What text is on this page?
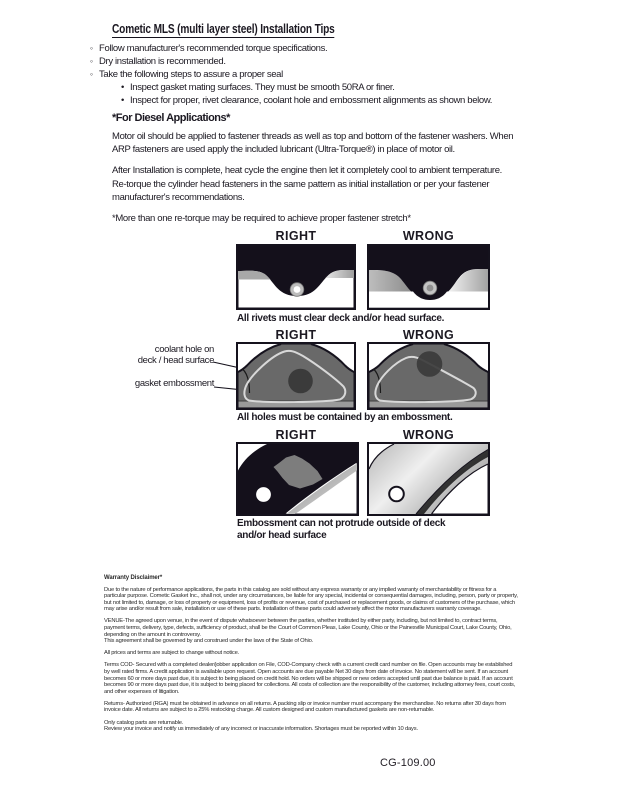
Cometic MLS (multi layer steel) Installation Tips
◦ Follow manufacturer's recommended torque specifications.
◦ Dry installation is recommended.
◦ Take the following steps to assure a proper seal
• Inspect gasket mating surfaces. They must be smooth 50RA or finer.
• Inspect for proper, rivet clearance, coolant hole and embossment alignments as shown below.
*For Diesel Applications*

Motor oil should be applied to fastener threads as well as top and bottom of the fastener washers. When ARP fasteners are used apply the included lubricant (Ultra-Torque®) in place of motor oil.

After Installation is complete, heat cycle the engine then let it completely cool to ambient temperature. Re-torque the cylinder head fasteners in the same pattern as initial installation or per your fastener manufacturer's recommendations.

*More than one re-torque may be required to achieve proper fastener stretch*

RIGHT	WRONG
All rivets must clear deck and/or head surface.
RIGHT	WRONG
coolant hole on
deck / head surface
gasket embossment
All holes must be contained by an embossment.
RIGHT	WRONG
Embossment can not protrude outside of deck
and/or head surface
Warranty Disclaimer*

Due to the nature of performance applications, the parts in this catalog are sold without any express warranty or any implied warranty of merchantability or fitness for a particular purpose. Cometic Gasket Inc., shall not, under any circumstances, be liable for any special, incidental or consequential damages, including, person, party or property, but not limited to, damage, or loss of property or equipment, loss of profits or revenue, cost of purchased or replacement goods, or claims of customers of the purchase, which may arise and/or result from sale, installation or use of these parts. Installation of these parts could adversely affect the motor manufacturers warranty coverage.

VENUE-The agreed upon venue, in the event of dispute whatsoever between the parties, whether instituted by either party, including, but not limited to, contract terms, payment terms, delivery, type, defects, sufficiency of product, shall be the Court of Common Pleas, Lake County, Ohio or the Painesville Municipal Court, Lake County, Ohio, depending on the amount in controversy.

This agreement shall be governed by and construed under the laws of the State of Ohio.

All prices and terms are subject to change without notice.

Terms COD- Secured with a completed dealer/jobber application on File, COD-Company check with a current credit card number on file. Open accounts may be established by well rated firms. A credit application is available upon request. Open accounts are due payable Net 30 days from date of invoice. No statement will be sent. If an account becomes 60 or more days past due, it is subject to being placed on credit hold. No orders will be shipped or new orders accepted until past due balance is paid. If an account becomes 90 or more days past due, it is subject to being placed for collections. All costs of collection are the responsibility of the customer, including attorney fees, court costs, and other expenses of litigation.

Returns- Authorized (RGA) must be obtained in advance on all returns. A packing slip or invoice number must accompany the merchandise. No returns after 30 days from invoice date. All returns are subject to a 25% restocking charge. All custom designed and custom manufactured gaskets are non-returnable.

Only catalog parts are returnable.

Review your invoice and notify us immediately of any incorrect or inaccurate information. Shortages must be reported within 10 days.

CG-109.00
